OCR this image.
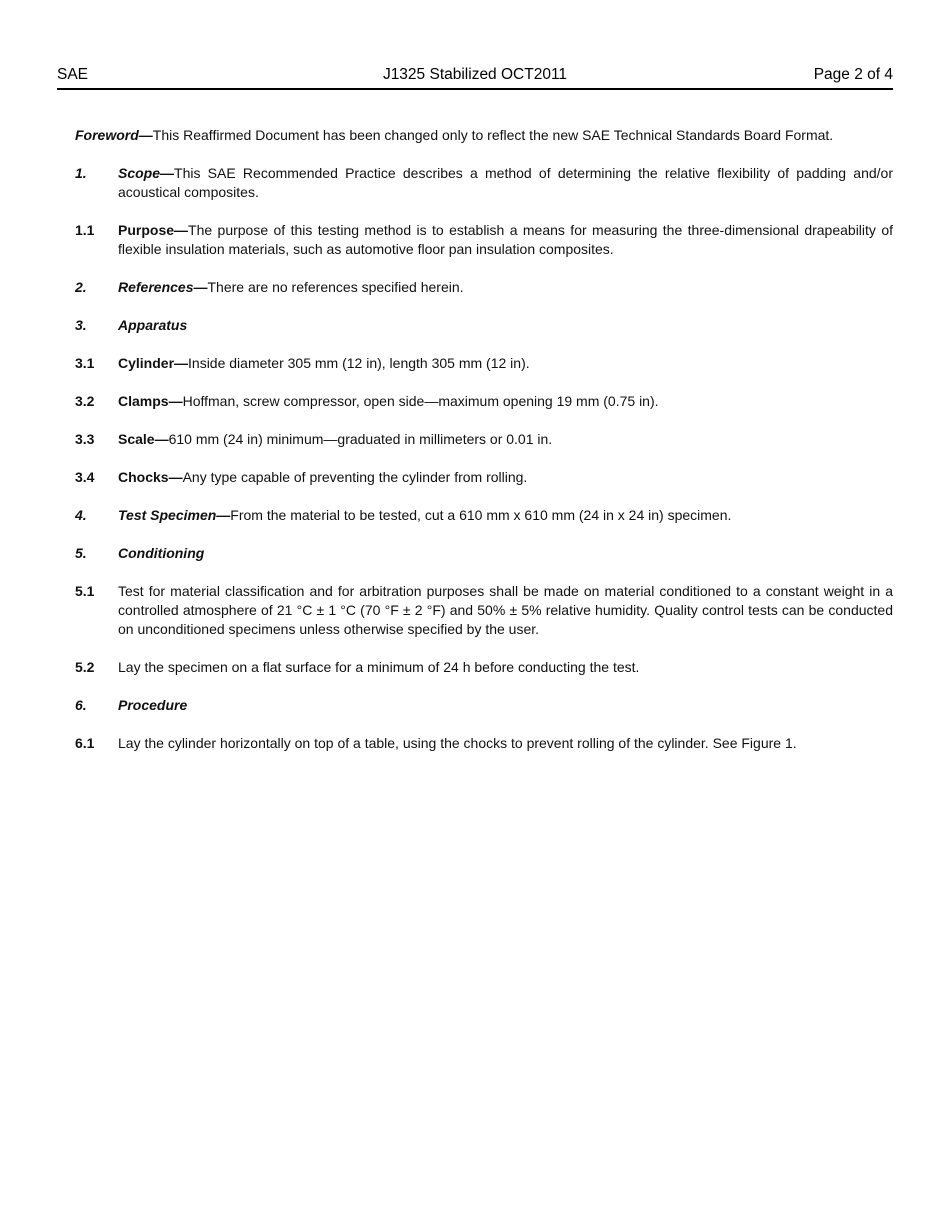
SAE	J1325 Stabilized OCT2011	Page 2 of 4

Foreword—This Reaffirmed Document has been changed only to reflect the new SAE Technical Standards Board Format.

1.	Scope—This SAE Recommended Practice describes a method of determining the relative flexibility of padding and/or acoustical composites.
1.1	Purpose—The purpose of this testing method is to establish a means for measuring the three-dimensional drapeability of flexible insulation materials, such as automotive floor pan insulation composites.
2.	References—There are no references specified herein.
3.	Apparatus
3.1	Cylinder—Inside diameter 305 mm (12 in), length 305 mm (12 in).
3.2	Clamps—Hoffman, screw compressor, open side—maximum opening 19 mm (0.75 in).
3.3	Scale—610 mm (24 in) minimum—graduated in millimeters or 0.01 in.
3.4	Chocks—Any type capable of preventing the cylinder from rolling.
4.	Test Specimen—From the material to be tested, cut a 610 mm x 610 mm (24 in x 24 in) specimen.
5.	Conditioning
5.1	Test for material classification and for arbitration purposes shall be made on material conditioned to a constant weight in a controlled atmosphere of 21 °C ± 1 °C (70 °F ± 2 °F) and 50% ± 5% relative humidity. Quality control tests can be conducted on unconditioned specimens unless otherwise specified by the user.
5.2	Lay the specimen on a flat surface for a minimum of 24 h before conducting the test.
6.	Procedure
6.1	Lay the cylinder horizontally on top of a table, using the chocks to prevent rolling of the cylinder. See Figure 1.
